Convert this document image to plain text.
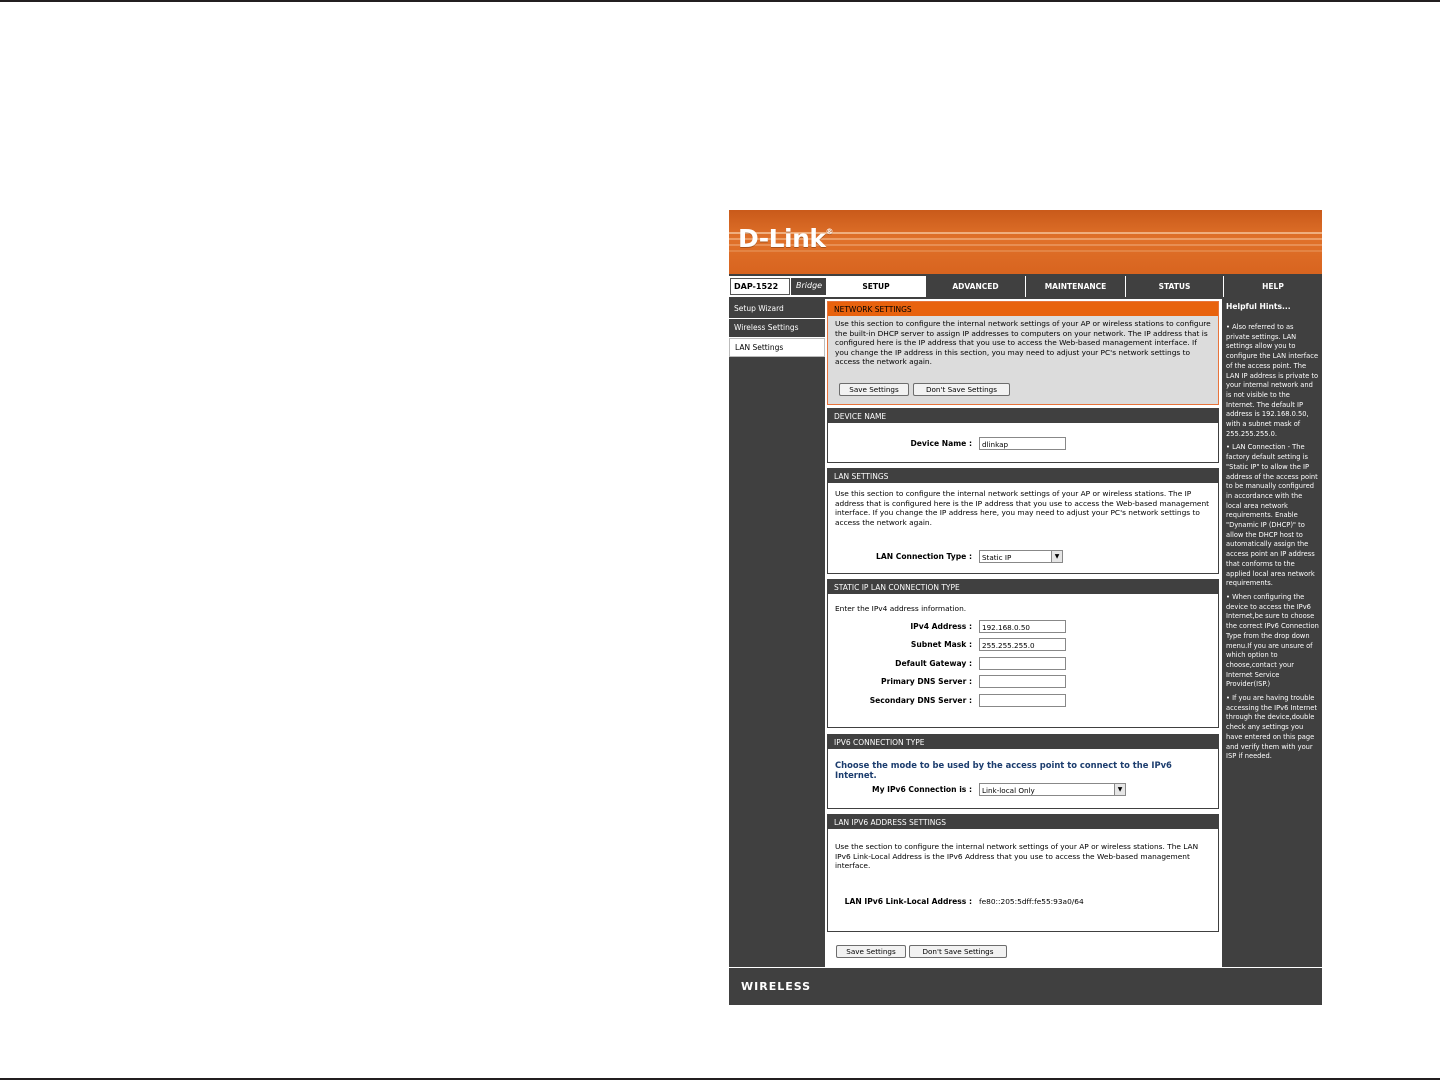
D-Link®
DAP-1522	Bridge	SETUP	ADVANCED	MAINTENANCE	STATUS	HELP
Setup Wizard
Wireless Settings
LAN Settings
NETWORK SETTINGS
Use this section to configure the internal network settings of your AP or wireless stations to configure the built-in DHCP server to assign IP addresses to computers on your network. The IP address that is configured here is the IP address that you use to access the Web-based management interface. If you change the IP address in this section, you may need to adjust your PC's network settings to access the network again.
Save Settings	Don't Save Settings
DEVICE NAME
Device Name :	dlinkap
LAN SETTINGS
Use this section to configure the internal network settings of your AP or wireless stations. The IP address that is configured here is the IP address that you use to access the Web-based management interface. If you change the IP address here, you may need to adjust your PC's network settings to access the network again.
LAN Connection Type :	Static IP	▼
STATIC IP LAN CONNECTION TYPE
Enter the IPv4 address information.
IPv4 Address :	192.168.0.50
Subnet Mask :	255.255.255.0
Default Gateway :
Primary DNS Server :
Secondary DNS Server :
IPV6 CONNECTION TYPE
Choose the mode to be used by the access point to connect to the IPv6 Internet.
My IPv6 Connection is :	Link-local Only	▼
LAN IPV6 ADDRESS SETTINGS
Use the section to configure the internal network settings of your AP or wireless stations. The LAN IPv6 Link-Local Address is the IPv6 Address that you use to access the Web-based management interface.
LAN IPv6 Link-Local Address : fe80::205:5dff:fe55:93a0/64
Save Settings	Don't Save Settings
Helpful Hints...
• Also referred to as private settings. LAN settings allow you to configure the LAN interface of the access point. The LAN IP address is private to your internal network and is not visible to the Internet. The default IP address is 192.168.0.50, with a subnet mask of 255.255.255.0.
• LAN Connection - The factory default setting is "Static IP" to allow the IP address of the access point to be manually configured in accordance with the local area network requirements. Enable "Dynamic IP (DHCP)" to allow the DHCP host to automatically assign the access point an IP address that conforms to the applied local area network requirements.
• When configuring the device to access the IPv6 Internet,be sure to choose the correct IPv6 Connection Type from the drop down menu.If you are unsure of which option to choose,contact your Internet Service Provider(ISP.)
• If you are having trouble accessing the IPv6 Internet through the device,double check any settings you have entered on this page and verify them with your ISP if needed.
WIRELESS
